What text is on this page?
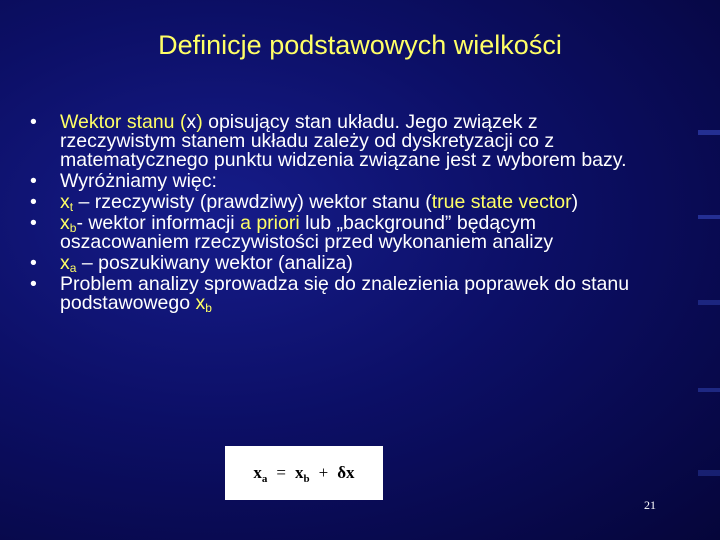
Definicje podstawowych wielkości
• Wektor stanu (x) opisujący stan układu. Jego związek z rzeczywistym stanem układu zależy od dyskretyzacji co z matematycznego punktu widzenia związane jest z wyborem bazy.
• Wyróżniamy więc:
• $x_t$ – rzeczywisty (prawdziwy) wektor stanu (true state vector)
• $x_b-$ wektor informacji a priori lub „background” będącym oszacowaniem rzeczywistości przed wykonaniem analizy
• $x_a$ – poszukiwany wektor (analiza)
• Problem analizy sprowadza się do znalezienia poprawek do stanu podstawowego $x_b$
$x_a = x_b + \delta x$
21
